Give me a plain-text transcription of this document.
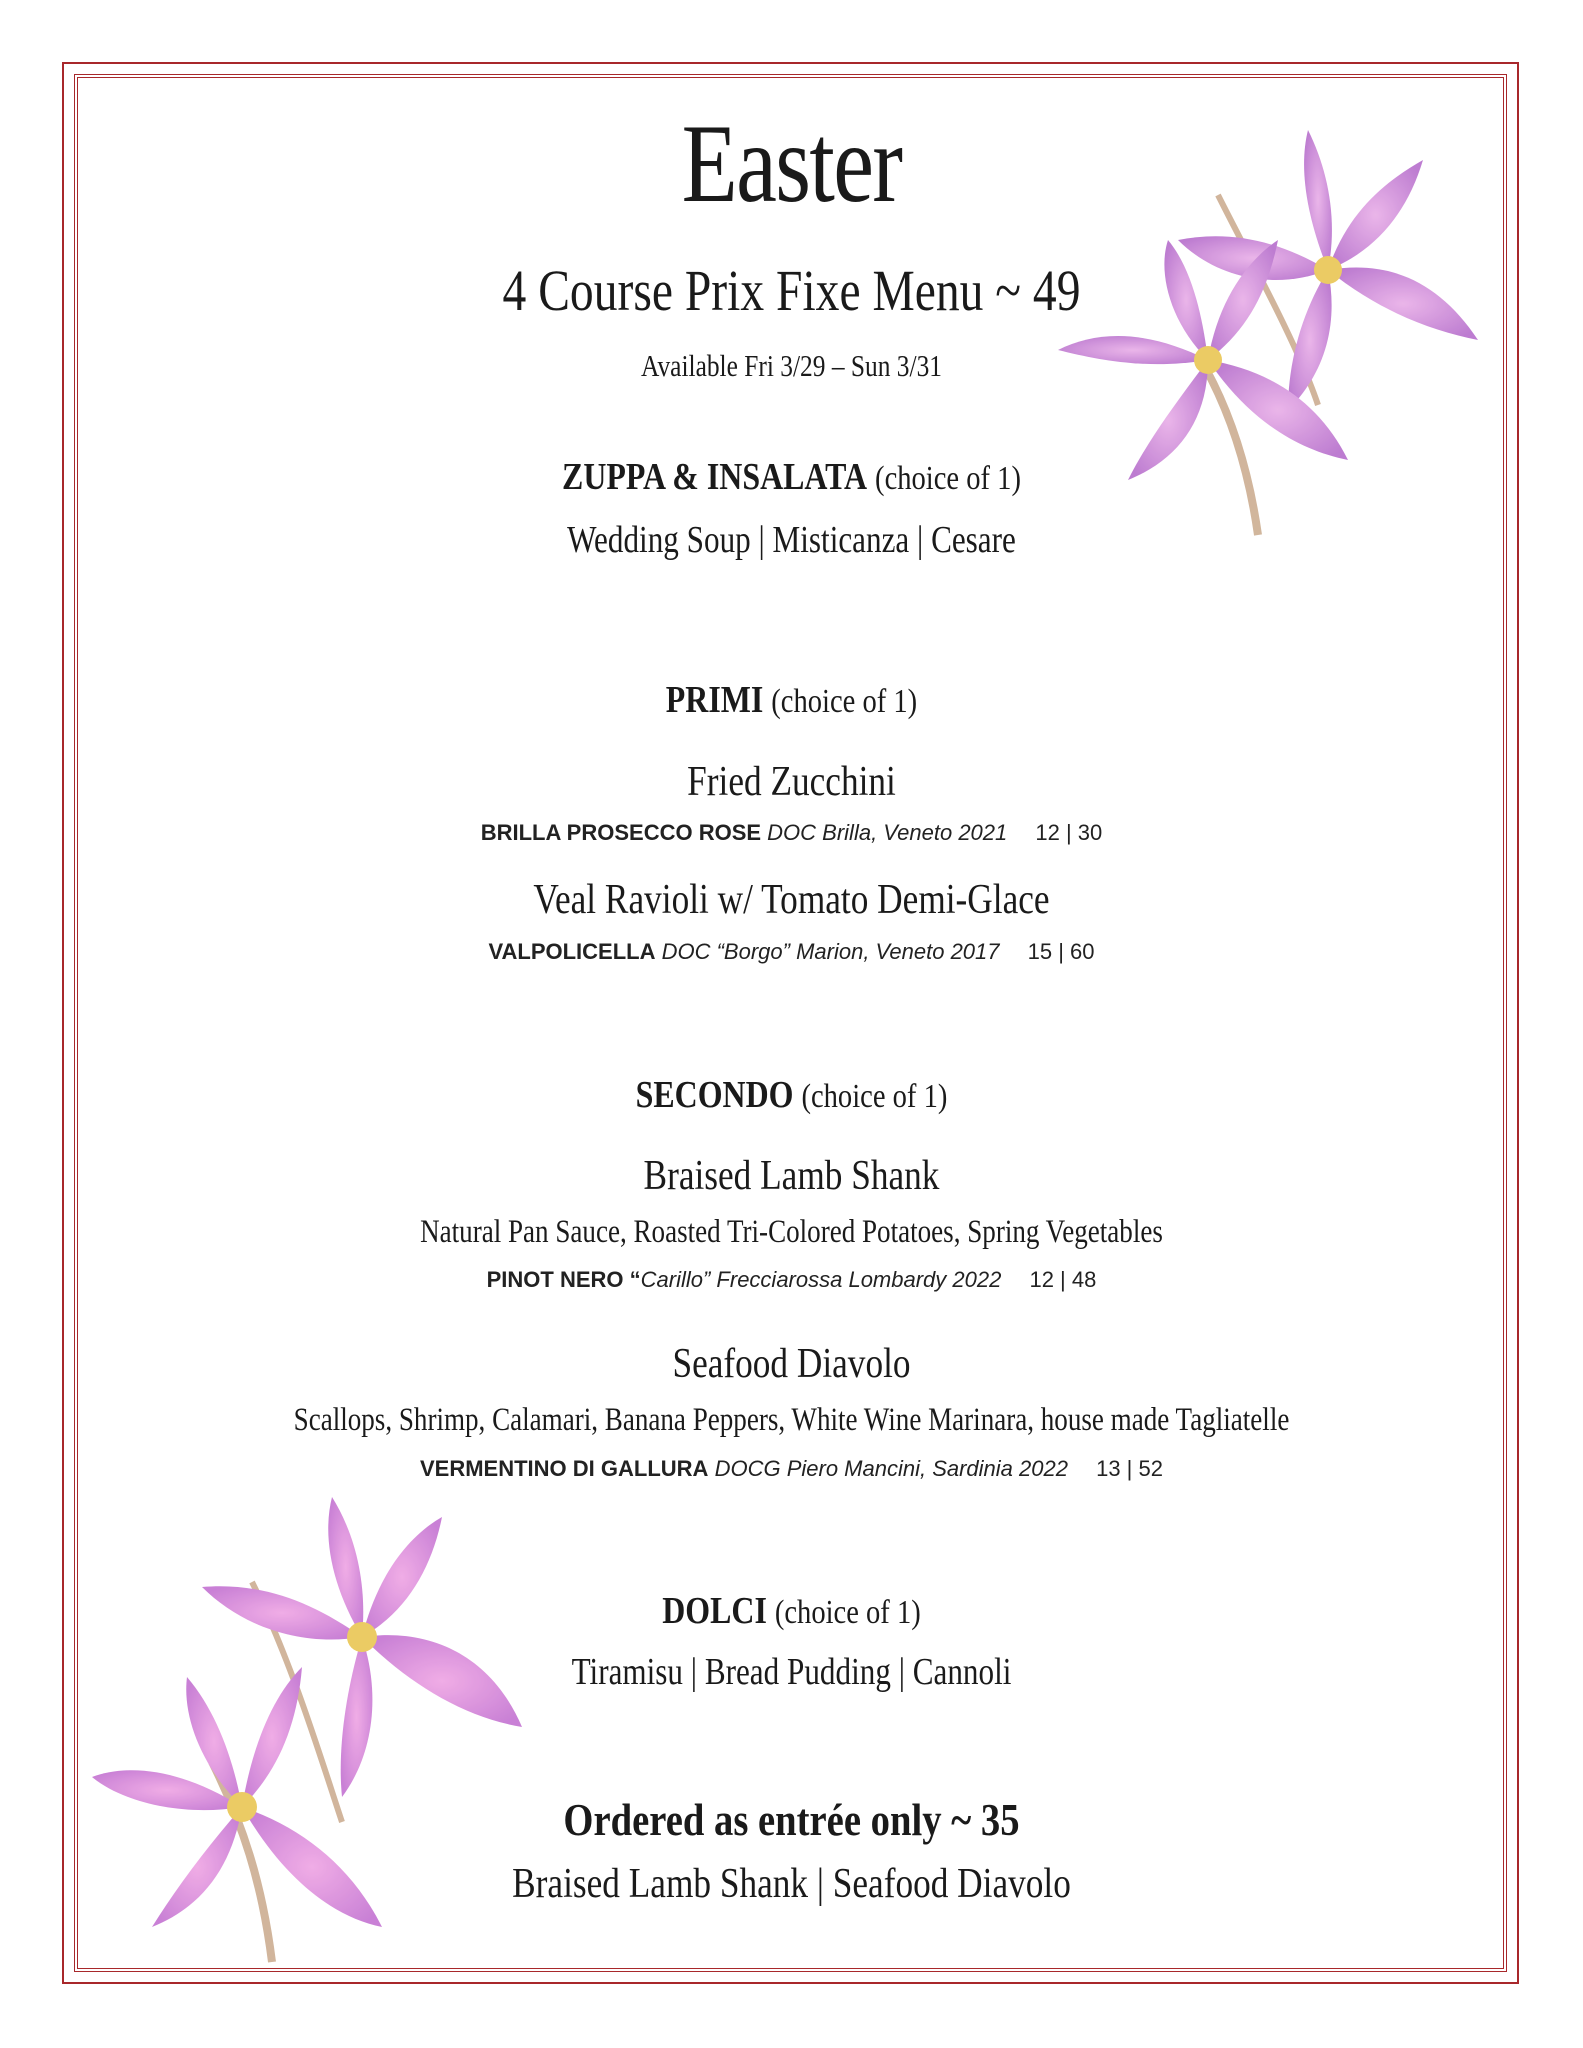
Easter
4 Course Prix Fixe Menu ~ 49
Available Fri 3/29 – Sun 3/31
ZUPPA & INSALATA (choice of 1)
Wedding Soup | Misticanza | Cesare
PRIMI (choice of 1)
Fried Zucchini
BRILLA PROSECCO ROSE DOC Brilla, Veneto 2021 12 | 30
Veal Ravioli w/ Tomato Demi-Glace
VALPOLICELLA DOC “Borgo” Marion, Veneto 2017 15 | 60
SECONDO (choice of 1)
Braised Lamb Shank
Natural Pan Sauce, Roasted Tri-Colored Potatoes, Spring Vegetables
PINOT NERO “Carillo” Frecciarossa Lombardy 2022 12 | 48
Seafood Diavolo
Scallops, Shrimp, Calamari, Banana Peppers, White Wine Marinara, house made Tagliatelle
VERMENTINO DI GALLURA DOCG Piero Mancini, Sardinia 2022 13 | 52
DOLCI (choice of 1)
Tiramisu | Bread Pudding | Cannoli
Ordered as entrée only ~ 35
Braised Lamb Shank | Seafood Diavolo
